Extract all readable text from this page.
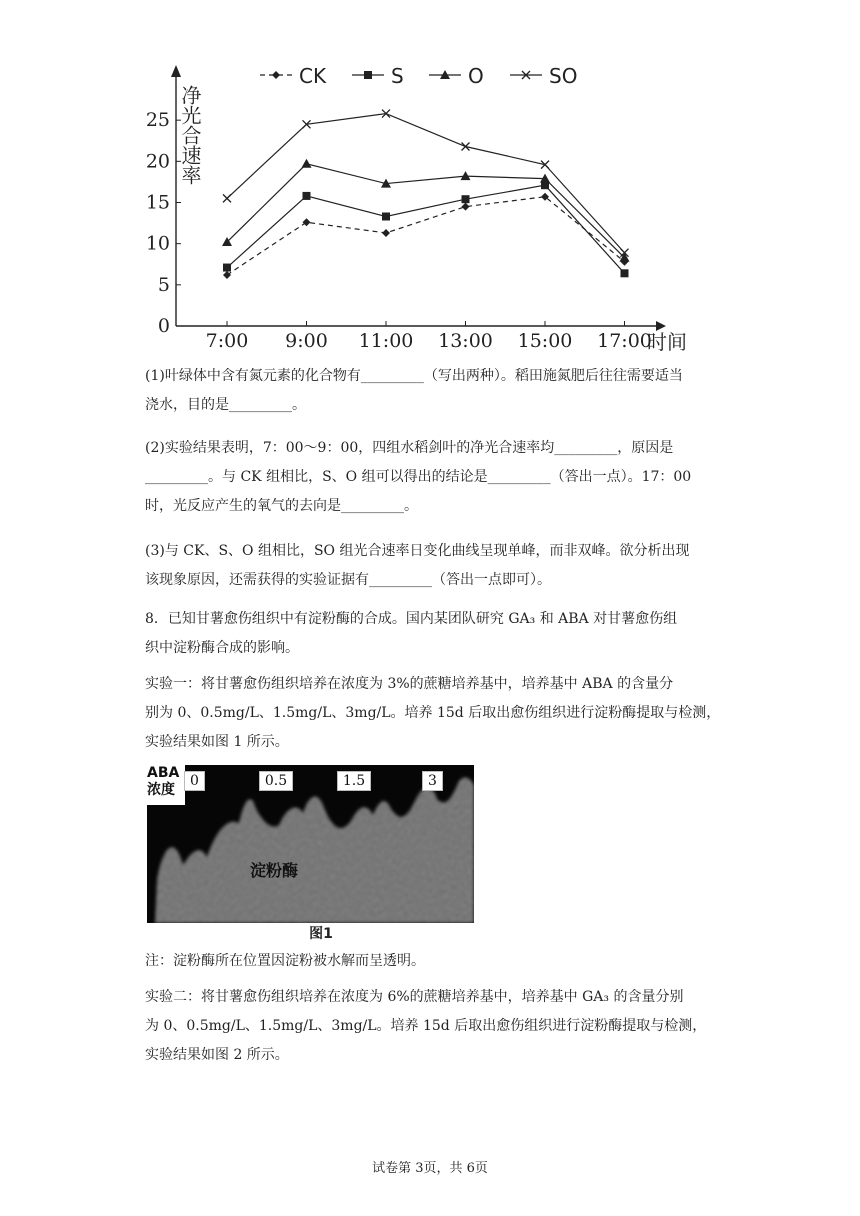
0
5
10
15
20
25
7:00 9:00 11:00 13:00 15:00 17:00
时间
净光合速率
CK	S	O	SO
(1)叶绿体中含有氮元素的化合物有_________（写出两种）。稻田施氮肥后往往需要适当
浇水，目的是_________。
(2)实验结果表明，7：00～9：00，四组水稻剑叶的净光合速率均_________，原因是
_________。与 CK 组相比，S、O 组可以得出的结论是_________（答出一点）。17：00
时，光反应产生的氧气的去向是_________。
(3)与 CK、S、O 组相比，SO 组光合速率日变化曲线呈现单峰，而非双峰。欲分析出现
该现象原因，还需获得的实验证据有_________（答出一点即可）。
8．已知甘薯愈伤组织中有淀粉酶的合成。国内某团队研究 GA₃ 和 ABA 对甘薯愈伤组
织中淀粉酶合成的影响。
实验一：将甘薯愈伤组织培养在浓度为 3%的蔗糖培养基中，培养基中 ABA 的含量分
别为 0、0.5mg/L、1.5mg/L、3mg/L。培养 15d 后取出愈伤组织进行淀粉酶提取与检测，
实验结果如图 1 所示。
ABA
浓度
0	0.5	1.5	3
淀粉酶
图1
注：淀粉酶所在位置因淀粉被水解而呈透明。
实验二：将甘薯愈伤组织培养在浓度为 6%的蔗糖培养基中，培养基中 GA₃ 的含量分别
为 0、0.5mg/L、1.5mg/L、3mg/L。培养 15d 后取出愈伤组织进行淀粉酶提取与检测，
实验结果如图 2 所示。
试卷第 3页，共 6页
